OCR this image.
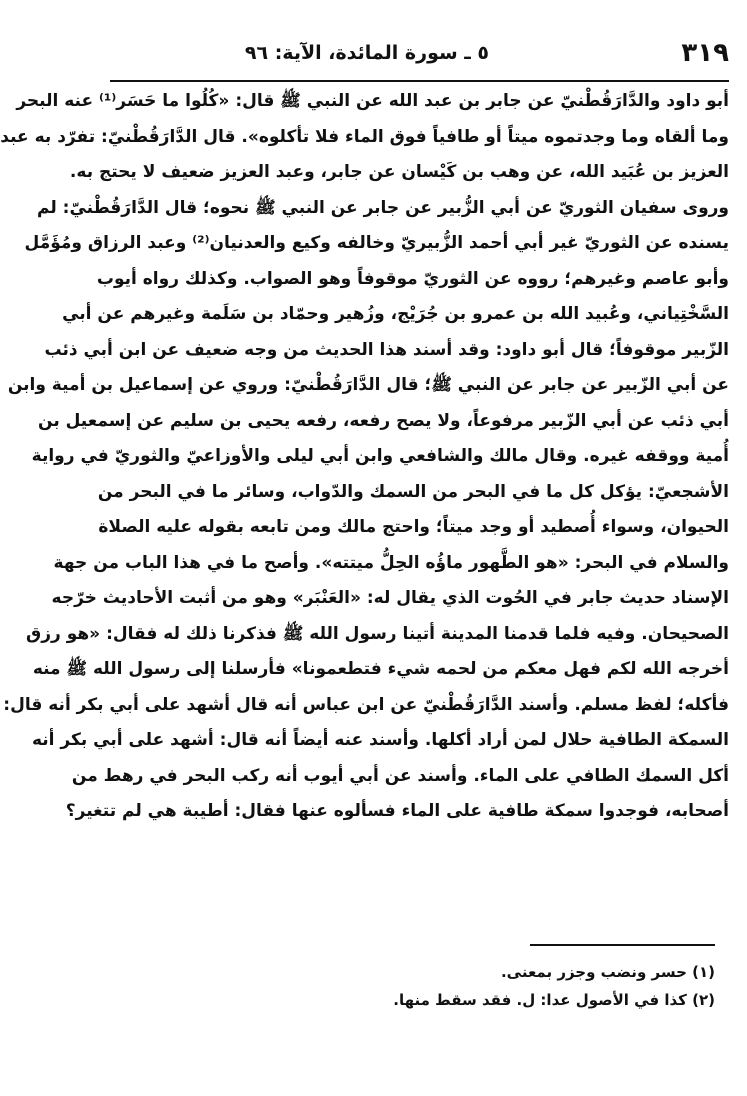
٣١٩
٥ ـ سورة المائدة، الآية: ٩٦
أبو داود والدَّارَقُطْنيّ عن جابر بن عبد الله عن النبي ﷺ قال: «كُلُوا ما حَسَر⁽¹⁾ عنه البحر
وما ألقاه وما وجدتموه ميتاً أو طافياً فوق الماء فلا تأكلوه». قال الدَّارَقُطْنيّ: تفرّد به عبد
العزيز بن عُبَيد الله، عن وهب بن كَيْسان عن جابر، وعبد العزيز ضعيف لا يحتج به.
وروى سفيان الثوريّ عن أبي الزُّبير عن جابر عن النبي ﷺ نحوه؛ قال الدَّارَقُطْنيّ: لم
يسنده عن الثوريّ غير أبي أحمد الزُّبيريّ وخالفه وكيع والعدنيان⁽²⁾ وعبد الرزاق ومُؤَمَّل
وأبو عاصم وغيرهم؛ رووه عن الثوريّ موقوفاً وهو الصواب. وكذلك رواه أيوب
السَّخْتِياني، وعُبيد الله بن عمرو بن جُرَيْج، وزُهير وحمّاد بن سَلَمة وغيرهم عن أبي
الزّبير موقوفاً؛ قال أبو داود: وقد أسند هذا الحديث من وجه ضعيف عن ابن أبي ذئب
عن أبي الزّبير عن جابر عن النبي ﷺ؛ قال الدَّارَقُطْنيّ: وروي عن إسماعيل بن أمية وابن
أبي ذئب عن أبي الزّبير مرفوعاً، ولا يصح رفعه، رفعه يحيى بن سليم عن إسمعيل بن
أُمية ووقفه غيره. وقال مالك والشافعي وابن أبي ليلى والأوزاعيّ والثوريّ في رواية
الأشجعيّ: يؤكل كل ما في البحر من السمك والدّواب، وسائر ما في البحر من
الحيوان، وسواء أُصطيد أو وجد ميتاً؛ واحتج مالك ومن تابعه بقوله عليه الصلاة
والسلام في البحر: «هو الطَّهور ماؤُه الحِلُّ ميتته». وأصح ما في هذا الباب من جهة
الإسناد حديث جابر في الحُوت الذي يقال له: «العَنْبَر» وهو من أثبت الأحاديث خرّجه
الصحيحان. وفيه فلما قدمنا المدينة أتينا رسول الله ﷺ فذكرنا ذلك له فقال: «هو رزق
أخرجه الله لكم فهل معكم من لحمه شيء فتطعمونا» فأرسلنا إلى رسول الله ﷺ منه
فأكله؛ لفظ مسلم. وأسند الدَّارَقُطْنيّ عن ابن عباس أنه قال أشهد على أبي بكر أنه قال:
السمكة الطافية حلال لمن أراد أكلها. وأسند عنه أيضاً أنه قال: أشهد على أبي بكر أنه
أكل السمك الطافي على الماء. وأسند عن أبي أيوب أنه ركب البحر في رهط من
أصحابه، فوجدوا سمكة طافية على الماء فسألوه عنها فقال: أطيبة هي لم تتغير؟
(١) حسر ونضب وجزر بمعنى.
(٢) كذا في الأصول عدا: ل. فقد سقط منها.
